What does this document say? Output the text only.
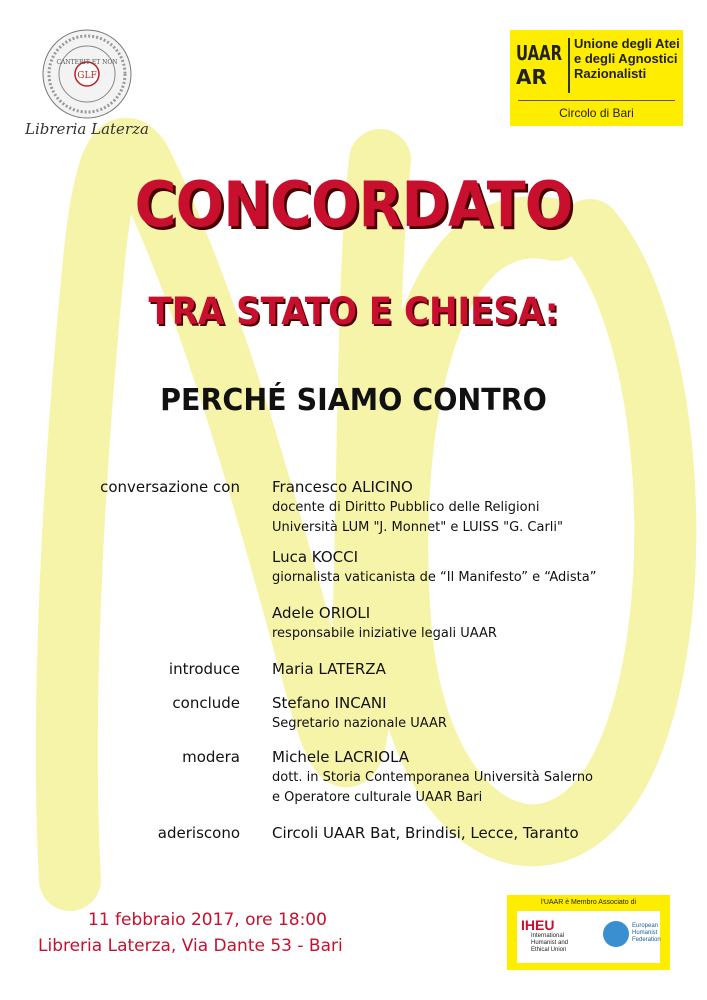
CANTERIT ET NON
GLF
Libreria Laterza
UAAR
AR
Unione degli Atei
e degli Agnostici
Razionalisti
Circolo di Bari
CONCORDATO
TRA STATO E CHIESA:
PERCHÉ SIAMO CONTRO
conversazione con Francesco ALICINO
docente di Diritto Pubblico delle Religioni
Università LUM "J. Monnet" e LUISS "G. Carli"
Luca KOCCI
giornalista vaticanista de “Il Manifesto” e “Adista”
Adele ORIOLI
responsabile iniziative legali UAAR
introduce Maria LATERZA
conclude Stefano INCANI
Segretario nazionale UAAR
modera Michele LACRIOLA
dott. in Storia Contemporanea Università Salerno
e Operatore culturale UAAR Bari
aderiscono Circoli UAAR Bat, Brindisi, Lecce, Taranto
11 febbraio 2017, ore 18:00
Libreria Laterza, Via Dante 53 - Bari
l'UAAR è Membro Associato di
IHEU
International
Humanist and
Ethical Union
European
Humanist
Federation
